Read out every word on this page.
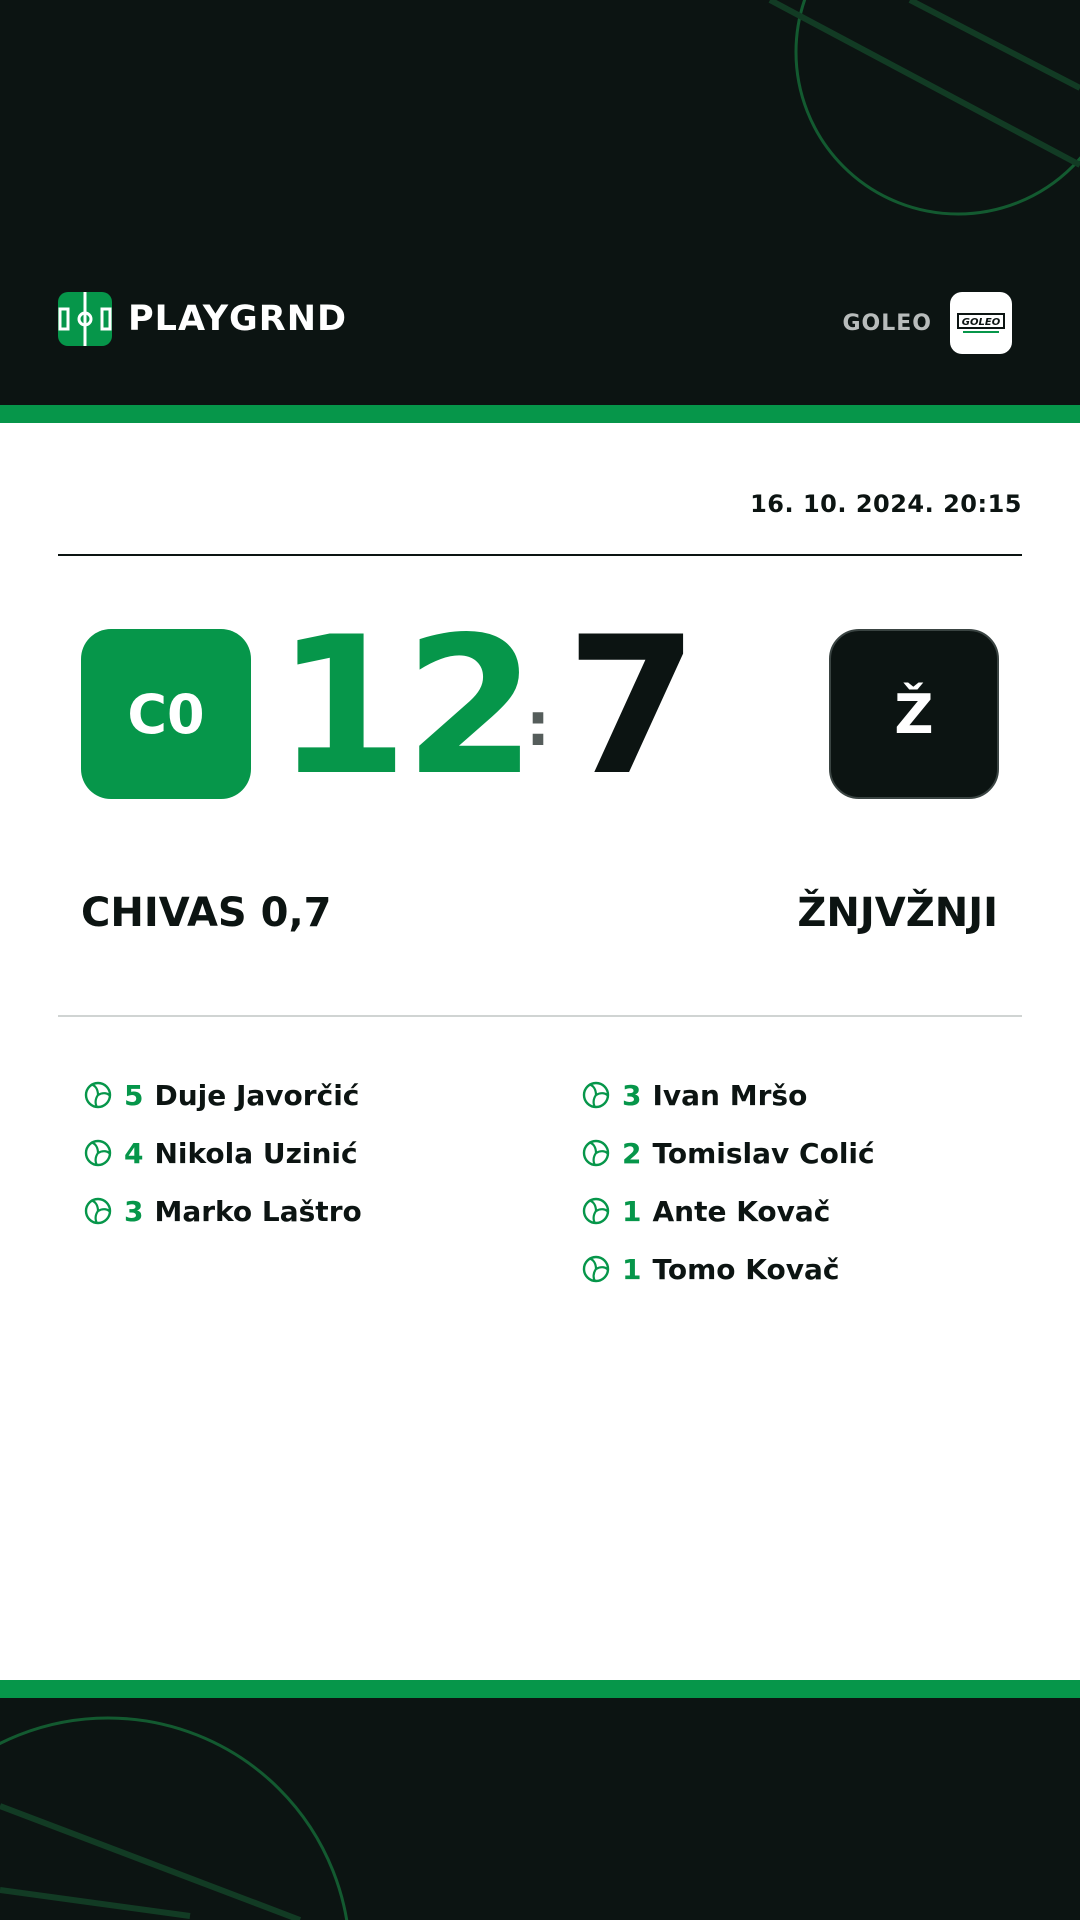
PLAYGRND	GOLEO	GOLEO
16. 10. 2024. 20:15
C0 12
: 7	Ž
CHIVAS 0,7	ŽNJVŽNJI
5 Duje Javorčić
4 Nikola Uzinić
3 Marko Laštro
3 Ivan Mršo
2 Tomislav Colić
1 Ante Kovač
1 Tomo Kovač
